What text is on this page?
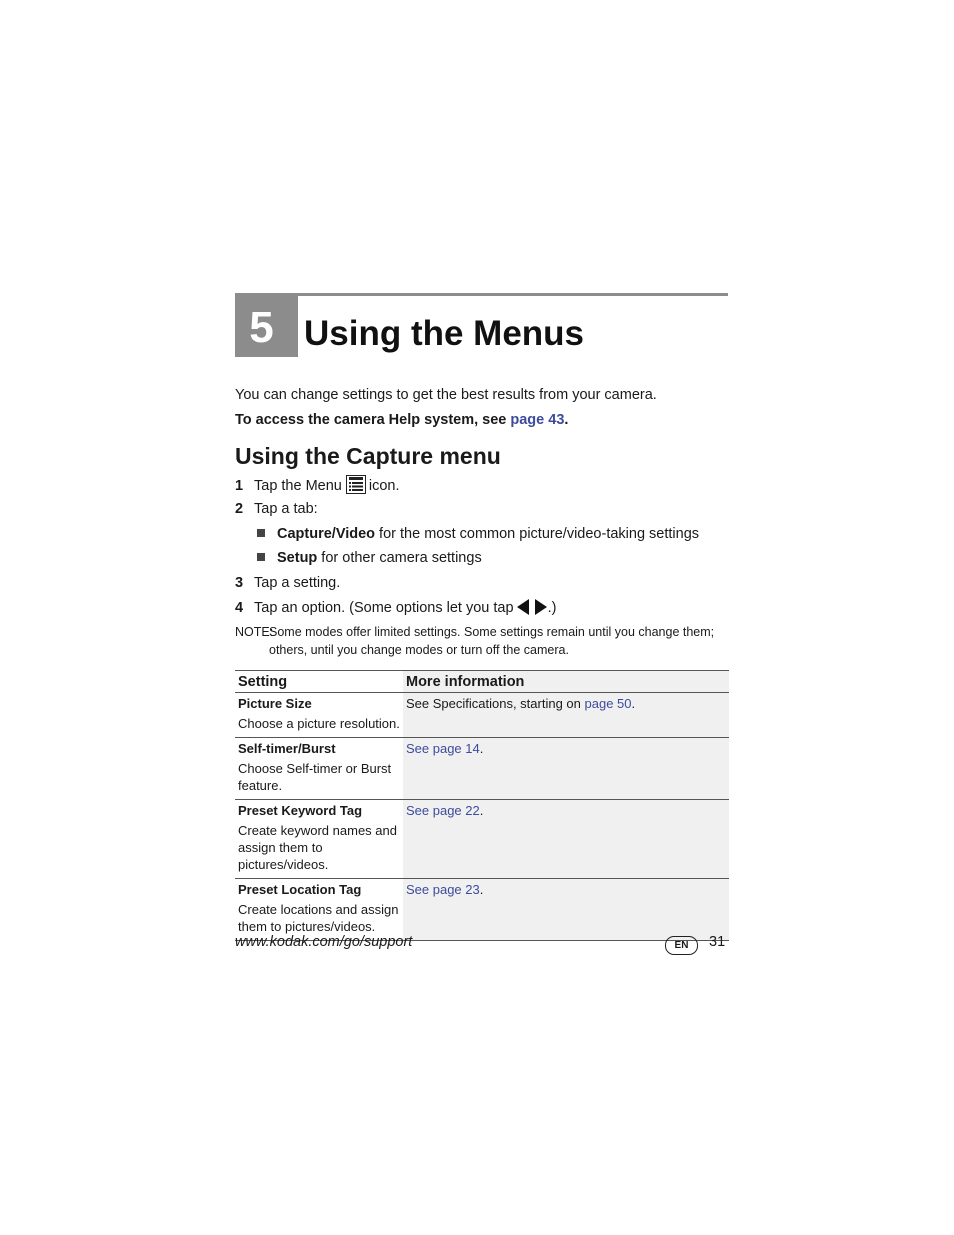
5 Using the Menus
You can change settings to get the best results from your camera.
To access the camera Help system, see page 43.
Using the Capture menu
1 Tap the Menu icon.
2 Tap a tab:
Capture/Video for the most common picture/video-taking settings
Setup for other camera settings
3 Tap a setting.
4 Tap an option. (Some options let you tap .)
NOTE:
Some modes offer limited settings. Some settings remain until you change them; others, until you change modes or turn off the camera.
Setting	More information

Picture Size
Choose a picture resolution.	See Specifications, starting on page 50.

Self-timer/Burst
Choose Self-timer or Burst feature.	See page 14.

Preset Keyword Tag
Create keyword names and assign them to pictures/videos.	See page 22.

Preset Location Tag
Create locations and assign them to pictures/videos.	See page 23.
www.kodak.com/go/support	EN	31
